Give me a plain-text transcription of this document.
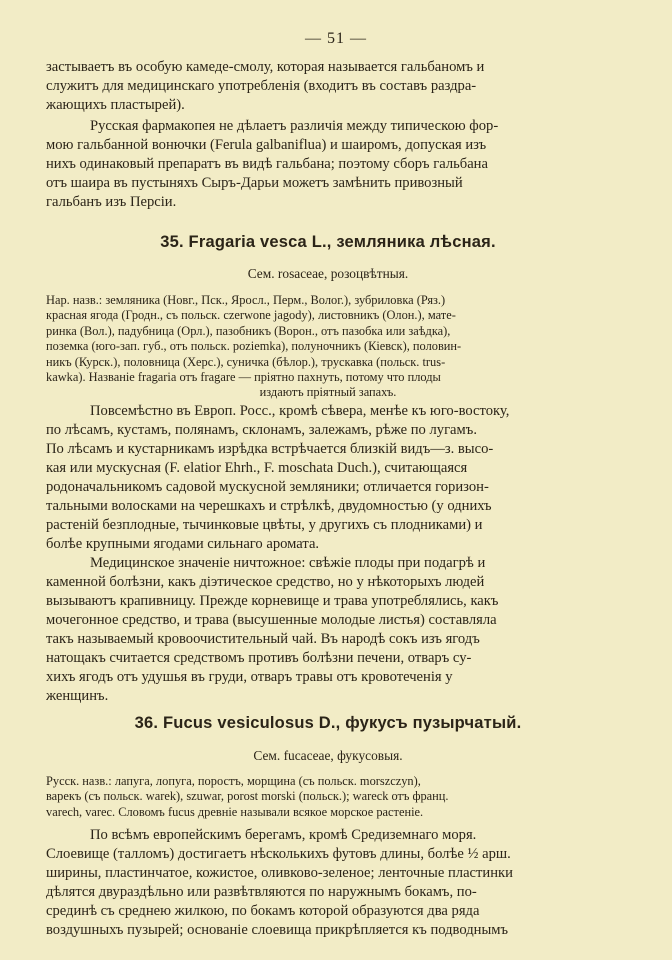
— 51 —
застываетъ въ особую камеде-смолу, которая называется гальбаномъ и
служитъ для медицинскаго употребленія (входитъ въ составъ раздра-
жающихъ пластырей).
Русская фармакопея не дѣлаетъ различія между типическою фор-
мою гальбанной вонючки (Ferula galbaniflua) и шаиромъ, допуская изъ
нихъ одинаковый препаратъ въ видѣ гальбана; поэтому сборъ гальбана
отъ шаира въ пустыняхъ Сыръ-Дарьи можетъ замѣнить привозный
гальбанъ изъ Персіи.
35. Fragaria vesca L., земляника лѣсная.
Сем. rosaceae, розоцвѣтныя.
Нар. назв.: земляника (Новг., Пск., Яросл., Перм., Волог.), зубриловка (Ряз.)
красная ягода (Гродн., съ польск. czerwone jagody), листовникъ (Олон.), мате-
ринка (Вол.), падубница (Орл.), пазобникъ (Ворон., отъ пазобка или заѣдка),
поземка (юго-зап. губ., отъ польск. poziemka), полуночникъ (Кіевск), половин-
никъ (Курск.), половница (Херс.), суничка (бѣлор.), трускавка (польск. trus-
kawka). Названіе fragaria отъ fragare — пріятно пахнуть, потому что плоды
издаютъ пріятный запахъ.
Повсемѣстно въ Европ. Росс., кромѣ сѣвера, менѣе къ юго-востоку,
по лѣсамъ, кустамъ, полянамъ, склонамъ, залежамъ, рѣже по лугамъ.
По лѣсамъ и кустарникамъ изрѣдка встрѣчается близкій видъ—з. высо-
кая или мускусная (F. elatior Ehrh., F. moschata Duch.), считающаяся
родоначальникомъ садовой мускусной земляники; отличается горизон-
тальными волосками на черешкахъ и стрѣлкѣ, двудомностью (у однихъ
растеній безплодные, тычинковые цвѣты, у другихъ съ плодниками) и
болѣе крупными ягодами сильнаго аромата.
Медицинское значеніе ничтожное: свѣжіе плоды при подагрѣ и
каменной болѣзни, какъ діэтическое средство, но у нѣкоторыхъ людей
вызываютъ крапивницу. Прежде корневище и трава употреблялись, какъ
мочегонное средство, и трава (высушенные молодые листья) составляла
такъ называемый кровоочистительный чай. Въ народѣ сокъ изъ ягодъ
натощакъ считается средствомъ противъ болѣзни печени, отваръ су-
хихъ ягодъ отъ удушья въ груди, отваръ травы отъ кровотеченія у
женщинъ.
36. Fucus vesiculosus D., фукусъ пузырчатый.
Сем. fucaceae, фукусовыя.
Русск. назв.: лапуга, лопуга, поростъ, морщина (съ польск. morszczyn),
варекъ (съ польск. warek), szuwar, porost morski (польск.); wareck отъ франц.
varech, vareс. Словомъ fucus древніе называли всякое морское растеніе.
По всѣмъ европейскимъ берегамъ, кромѣ Средиземнаго моря.
Слоевище (талломъ) достигаетъ нѣсколькихъ футовъ длины, болѣе ½ арш.
ширины, пластинчатое, кожистое, оливково-зеленое; ленточные пластинки
дѣлятся двураздѣльно или развѣтвляются по наружнымъ бокамъ, по-
срединѣ съ среднею жилкою, по бокамъ которой образуются два ряда
воздушныхъ пузырей; основаніе слоевища прикрѣпляется къ подводнымъ
